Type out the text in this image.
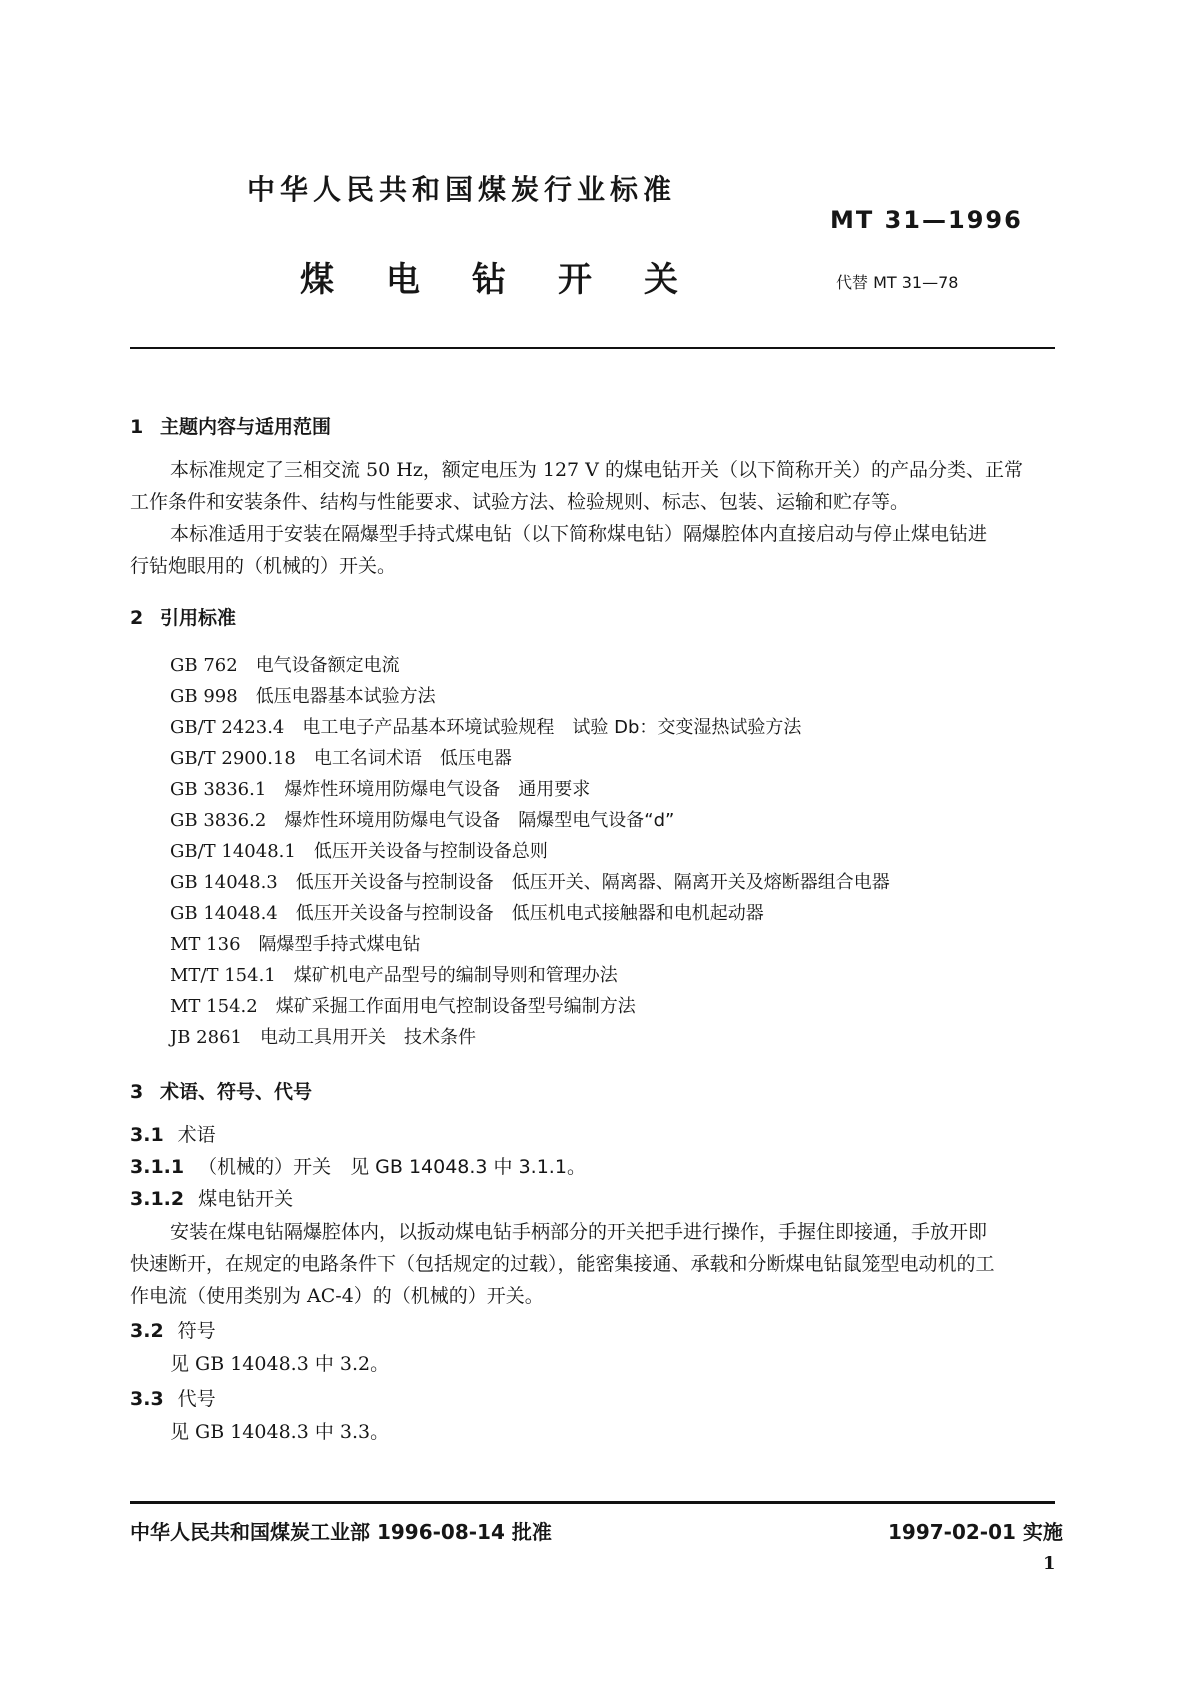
中华人民共和国煤炭行业标准
MT 31—1996
煤 电 钻 开 关	代替 MT 31—78
1 主题内容与适用范围
本标准规定了三相交流 50 Hz，额定电压为 127 V 的煤电钻开关（以下简称开关）的产品分类、正常
工作条件和安装条件、结构与性能要求、试验方法、检验规则、标志、包装、运输和贮存等。
本标准适用于安装在隔爆型手持式煤电钻（以下简称煤电钻）隔爆腔体内直接启动与停止煤电钻进
行钻炮眼用的（机械的）开关。
2 引用标准
GB 762 电气设备额定电流
GB 998 低压电器基本试验方法
GB/T 2423.4 电工电子产品基本环境试验规程　试验 Db：交变湿热试验方法
GB/T 2900.18 电工名词术语　低压电器
GB 3836.1 爆炸性环境用防爆电气设备　通用要求
GB 3836.2 爆炸性环境用防爆电气设备　隔爆型电气设备“d”
GB/T 14048.1 低压开关设备与控制设备总则
GB 14048.3 低压开关设备与控制设备　低压开关、隔离器、隔离开关及熔断器组合电器
GB 14048.4 低压开关设备与控制设备　低压机电式接触器和电机起动器
MT 136 隔爆型手持式煤电钻
MT/T 154.1 煤矿机电产品型号的编制导则和管理办法
MT 154.2 煤矿采掘工作面用电气控制设备型号编制方法
JB 2861 电动工具用开关　技术条件
3 术语、符号、代号
3.1 术语
3.1.1 （机械的）开关　见 GB 14048.3 中 3.1.1。
3.1.2 煤电钻开关
安装在煤电钻隔爆腔体内，以扳动煤电钻手柄部分的开关把手进行操作，手握住即接通，手放开即
快速断开，在规定的电路条件下（包括规定的过载），能密集接通、承载和分断煤电钻鼠笼型电动机的工
作电流（使用类别为 AC-4）的（机械的）开关。
3.2 符号
见 GB 14048.3 中 3.2。
3.3 代号
见 GB 14048.3 中 3.3。
中华人民共和国煤炭工业部 1996-08-14 批准	1997-02-01 实施
1
